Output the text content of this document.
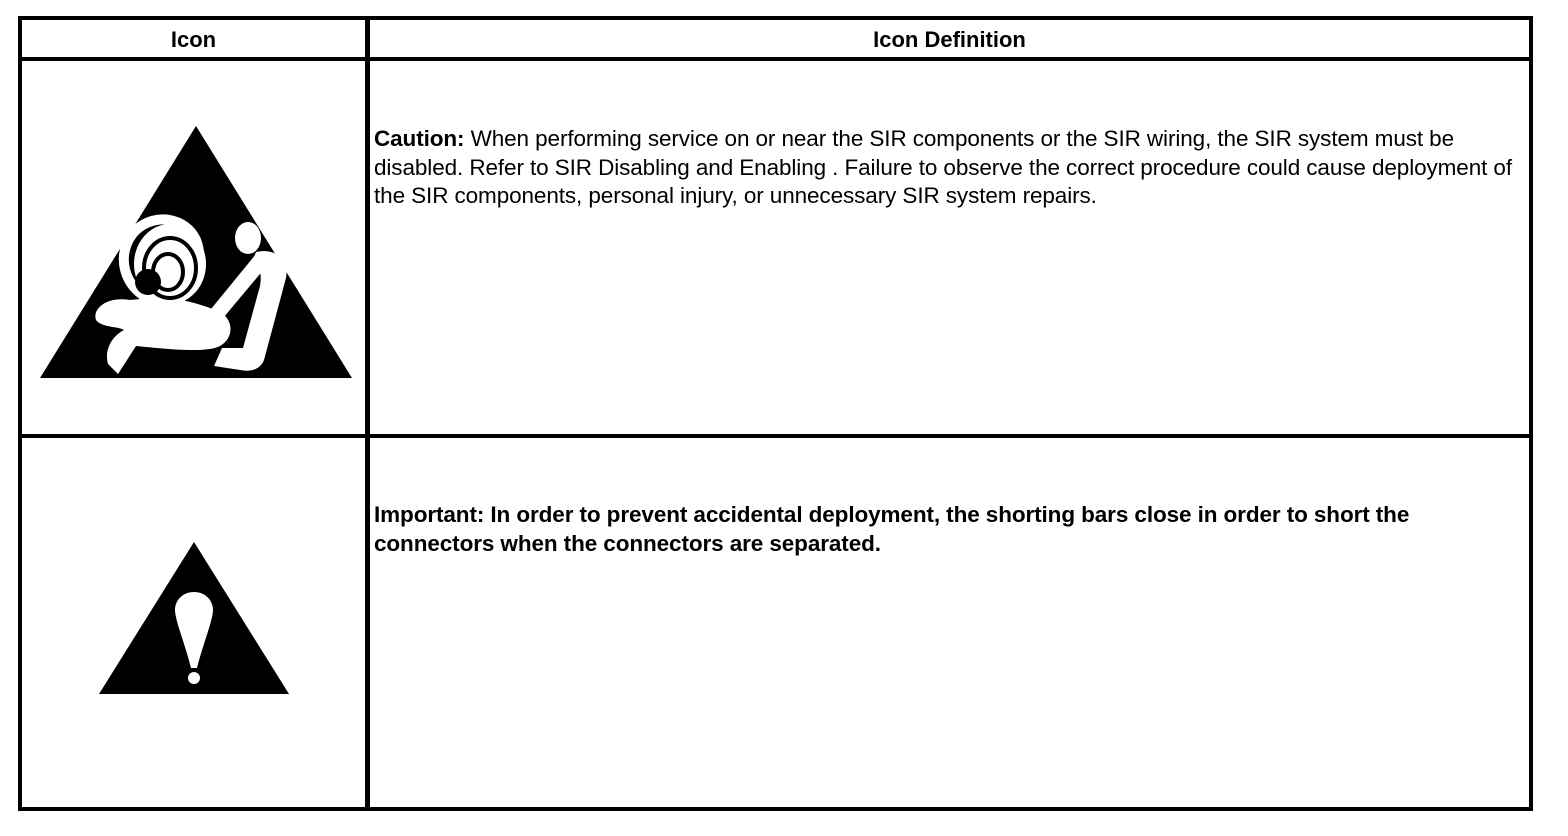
Icon	Icon Definition
Caution: When performing service on or near the SIR components or the SIR wiring, the SIR system must be disabled. Refer to SIR Disabling and Enabling . Failure to observe the correct procedure could cause deployment of the SIR components, personal injury, or unnecessary SIR system repairs.
Important: In order to prevent accidental deployment, the shorting bars close in order to short the connectors when the connectors are separated.
